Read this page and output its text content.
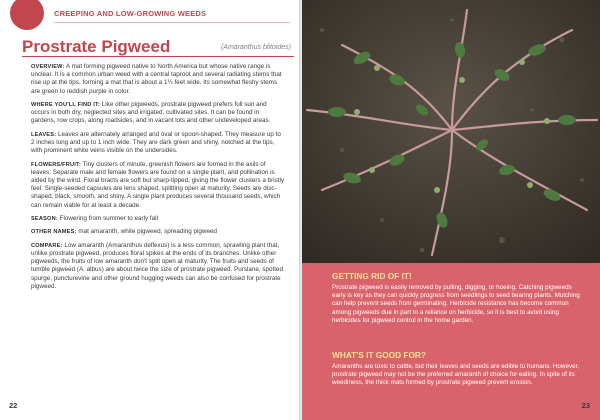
CREEPING AND LOW-GROWING WEEDS
Prostrate Pigweed	(Amaranthus blitoides)

OVERVIEW: A mat forming pigweed native to North America but whose native range is unclear. It is a common urban weed with a central taproot and several radiating stems that rise up at the tips, forming a mat that is about a 1½ feet wide. Its somewhat fleshy stems are green to reddish purple in color.

WHERE YOU'LL FIND IT: Like other pigweeds, prostrate pigweed prefers full sun and occurs in both dry, neglected sites and irrigated, cultivated sites. It can be found in gardens, row crops, along roadsides, and in vacant lots and other undeveloped areas.

LEAVES: Leaves are alternately arranged and oval or spoon-shaped. They measure up to 2 inches long and up to 1 inch wide. They are dark green and shiny, notched at the tips, with prominent white veins visible on the undersides.

FLOWERS/FRUIT: Tiny clusters of minute, greenish flowers are formed in the axils of leaves. Separate male and female flowers are found on a single plant, and pollination is aided by the wind. Floral bracts are soft but sharp-tipped, giving the flower clusters a bristly feel. Single-seeded capsules are lens shaped, splitting open at maturity. Seeds are disc-shaped, black, smooth, and shiny. A single plant produces several thousand seeds, which can remain viable for at least a decade.

SEASON: Flowering from summer to early fall

OTHER NAMES: mat amaranth, white pigweed, spreading pigweed

COMPARE: Low amaranth (Amaranthus deflexus) is a less common, sprawling plant that, unlike prostrate pigweed, produces floral spikes at the ends of its branches. Unlike other pigweeds, the fruits of low amaranth don't split open at maturity. The fruits and seeds of tumble pigweed (A. albus) are about twice the size of prostrate pigweed. Purslane, spotted spurge, puncturevine and other ground hugging weeds can also be confused for prostrate pigweed.

22
GETTING RID OF IT!

Prostrate pigweed is easily removed by pulling, digging, or hoeing. Catching pigweeds early is key as they can quickly progress from seedlings to seed bearing plants. Mulching can help prevent seeds from germinating. Herbicide resistance has become common among pigweeds due in part to a reliance on herbicide, so it is best to avoid using herbicides for pigweed control in the home garden.

WHAT'S IT GOOD FOR?

Amaranths are toxic to cattle, but their leaves and seeds are edible to humans. However, prostrate pigweed may not be the preferred amaranth of choice for eating. In spite of its weediness, the thick mats formed by prostrate pigweed prevent erosion.

23
